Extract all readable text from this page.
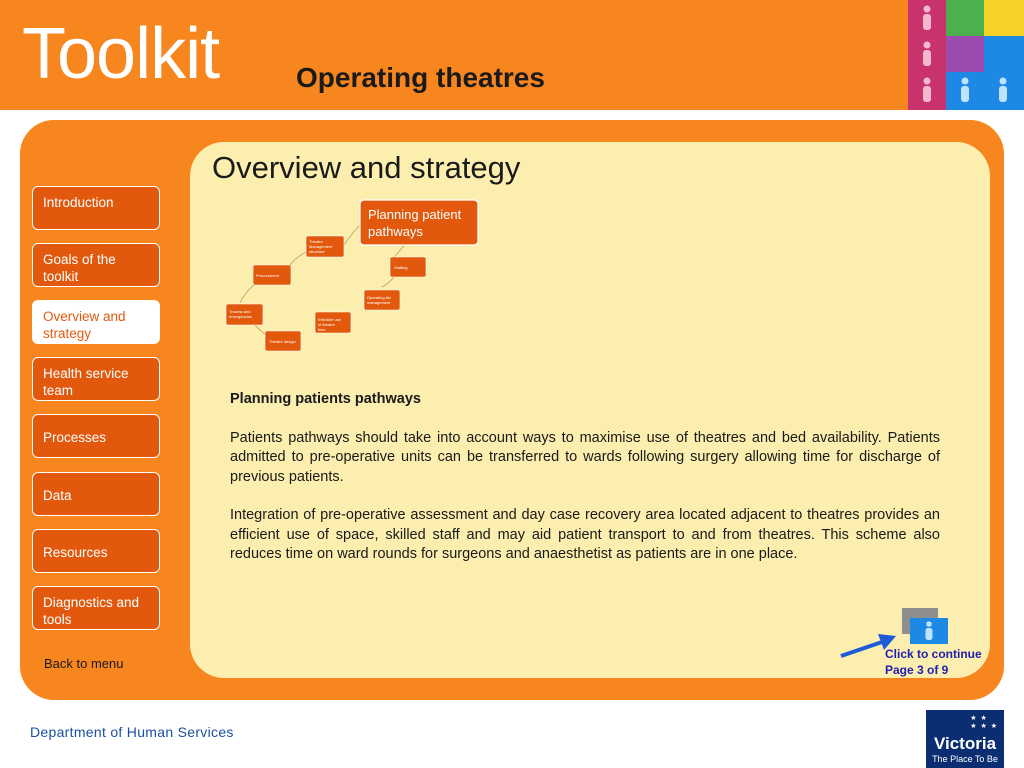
Toolkit	Operating theatres
Introduction
Goals of the toolkit
Overview and strategy
Health service team
Processes
Data
Resources
Diagnostics and tools
Back to menu
Overview and strategy
Planning patient pathways
Theatre Management structure
Staffing
Operating list management
Effective use of theatre time
Theatre design
Trauma and emergencies
Procurement
Planning patients pathways

Patients pathways should take into account ways to maximise use of theatres and bed availability. Patients admitted to pre-operative units can be transferred to wards following surgery allowing time for discharge of previous patients.

Integration of pre-operative assessment and day case recovery area located adjacent to theatres provides an efficient use of space, skilled staff and may aid patient transport to and from theatres. This scheme also reduces time on ward rounds for surgeons and anaesthetist as patients are in one place.

Click to continue
Page 3 of 9
Department of Human Services
★ ★
★ ★ ★
Victoria
The Place To Be
